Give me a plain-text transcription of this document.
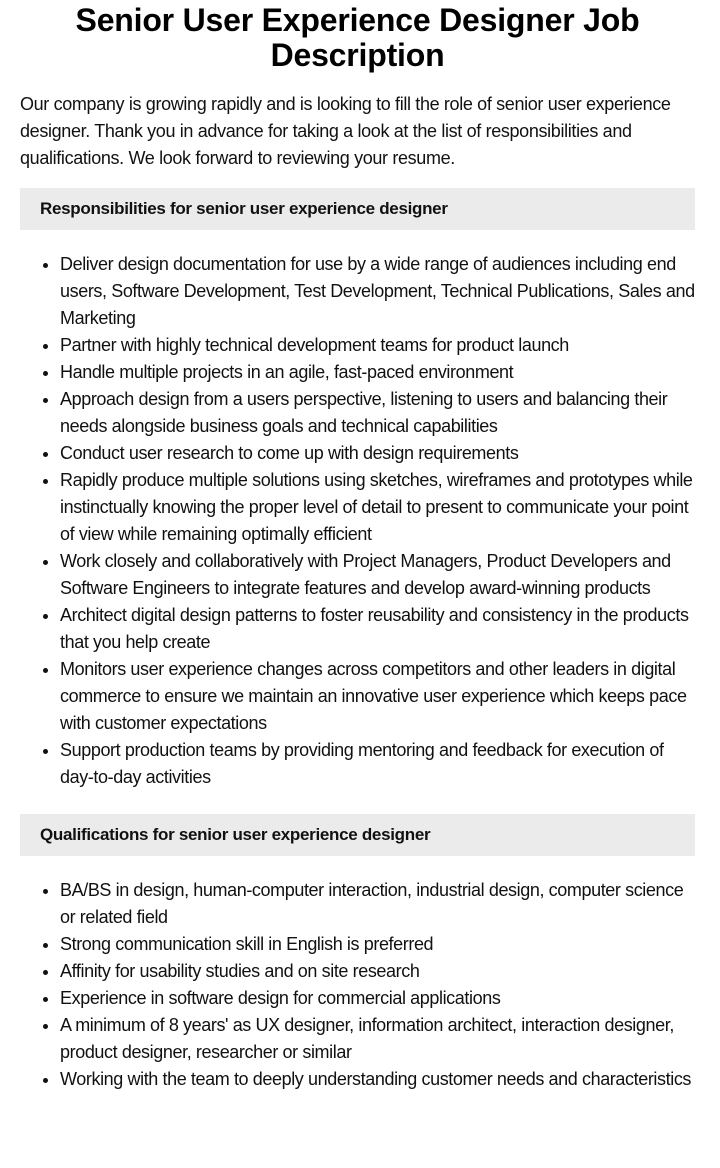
Senior User Experience Designer Job Description

Our company is growing rapidly and is looking to fill the role of senior user experience designer. Thank you in advance for taking a look at the list of responsibilities and qualifications. We look forward to reviewing your resume.

Responsibilities for senior user experience designer
Deliver design documentation for use by a wide range of audiences including end users, Software Development, Test Development, Technical Publications, Sales and Marketing
Partner with highly technical development teams for product launch
Handle multiple projects in an agile, fast-paced environment
Approach design from a users perspective, listening to users and balancing their needs alongside business goals and technical capabilities
Conduct user research to come up with design requirements
Rapidly produce multiple solutions using sketches, wireframes and prototypes while instinctually knowing the proper level of detail to present to communicate your point of view while remaining optimally efficient
Work closely and collaboratively with Project Managers, Product Developers and Software Engineers to integrate features and develop award-winning products
Architect digital design patterns to foster reusability and consistency in the products that you help create
Monitors user experience changes across competitors and other leaders in digital commerce to ensure we maintain an innovative user experience which keeps pace with customer expectations
Support production teams by providing mentoring and feedback for execution of day-to-day activities
Qualifications for senior user experience designer
BA/BS in design, human-computer interaction, industrial design, computer science or related field
Strong communication skill in English is preferred
Affinity for usability studies and on site research
Experience in software design for commercial applications
A minimum of 8 years' as UX designer, information architect, interaction designer, product designer, researcher or similar
Working with the team to deeply understanding customer needs and characteristics
